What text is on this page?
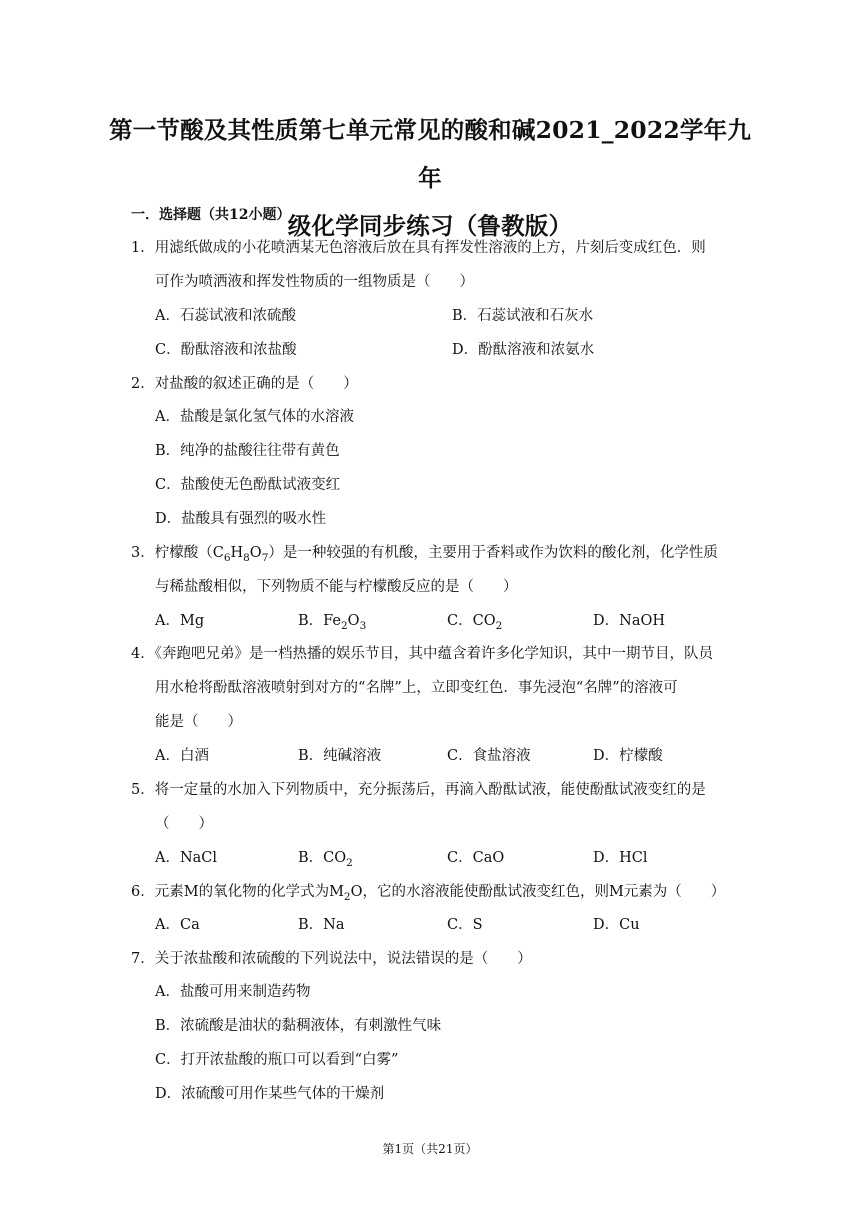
第一节酸及其性质第七单元常见的酸和碱2021_2022学年九年
级化学同步练习（鲁教版）
一．选择题（共12小题）
1．用滤纸做成的小花喷洒某无色溶液后放在具有挥发性溶液的上方，片刻后变成红色．则
可作为喷洒液和挥发性物质的一组物质是（　　）
A．石蕊试液和浓硫酸	B．石蕊试液和石灰水
C．酚酞溶液和浓盐酸	D．酚酞溶液和浓氨水
2．对盐酸的叙述正确的是（　　）
A．盐酸是氯化氢气体的水溶液
B．纯净的盐酸往往带有黄色
C．盐酸使无色酚酞试液变红
D．盐酸具有强烈的吸水性
3．柠檬酸$(C_6H_8O_7)$是一种较强的有机酸，主要用于香料或作为饮料的酸化剂，化学性质
与稀盐酸相似，下列物质不能与柠檬酸反应的是（　　）
A．Mg	B．$Fe_2O_3$	C．$CO_2$	D．NaOH
4．《奔跑吧兄弟》是一档热播的娱乐节目，其中蕴含着许多化学知识，其中一期节目，队员
用水枪将酚酞溶液喷射到对方的“名牌”上，立即变红色．事先浸泡“名牌”的溶液可
能是（　　）
A．白酒	B．纯碱溶液	C．食盐溶液	D．柠檬酸
5．将一定量的水加入下列物质中，充分振荡后，再滴入酚酞试液，能使酚酞试液变红的是
（　　）
A．NaCl	B．$CO_2$	C．CaO	D．HCl
6．元素M的氧化物的化学式为$M_2O$，它的水溶液能使酚酞试液变红色，则M元素为（　　）
A．Ca	B．Na	C．S	D．Cu
7．关于浓盐酸和浓硫酸的下列说法中，说法错误的是（　　）
A．盐酸可用来制造药物
B．浓硫酸是油状的黏稠液体，有刺激性气味
C．打开浓盐酸的瓶口可以看到“白雾”
D．浓硫酸可用作某些气体的干燥剂
第1页（共21页）
